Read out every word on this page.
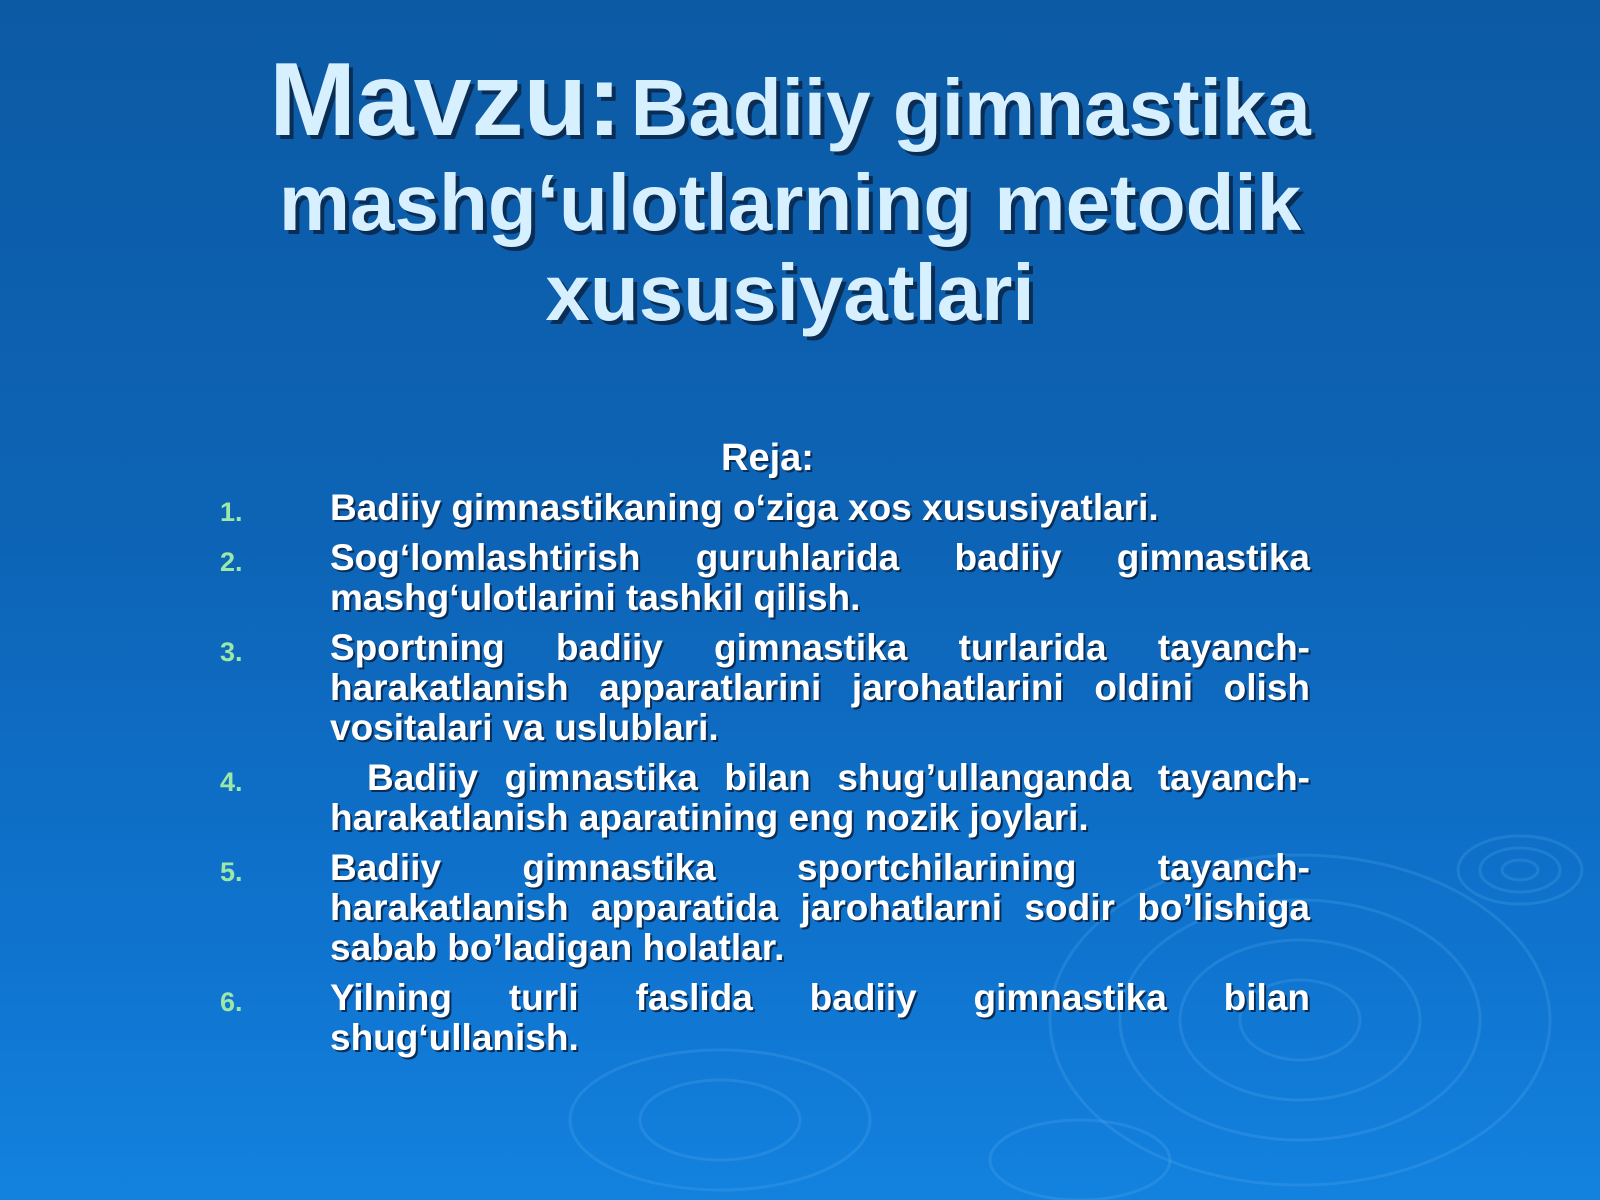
Mavzu: Badiiy gimnastika mashg‘ulotlarning metodik xususiyatlari
Reja:
1.	Badiiy gimnastikaning o‘ziga xos xususiyatlari.
2.	Sog‘lomlashtirish guruhlarida badiiy gimnastika mashg‘ulotlarini tashkil qilish.
3.	Sportning badiiy gimnastika turlarida tayanch-harakatlanish apparatlarini jarohatlarini oldini olish vositalari va uslublari.
4.	 Badiiy gimnastika bilan shug’ullanganda tayanch-harakatlanish aparatining eng nozik joylari.
5.	Badiiy gimnastika sportchilarining tayanch-harakatlanish apparatida jarohatlarni sodir bo’lishiga sabab bo’ladigan holatlar.
6.	Yilning turli faslida badiiy gimnastika bilan shug‘ullanish.
